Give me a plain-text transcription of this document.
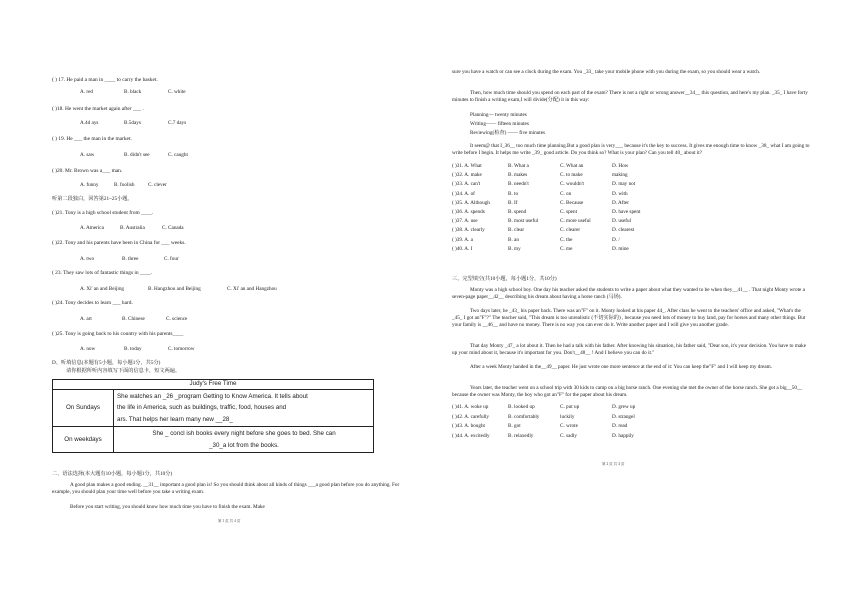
( ) 17. He paid a man in ____ to carry the basket.
A. red	B. black	C. white
( )18. He went the market again after ___ .
A.4d ays	B.5days	C.7 days
( ) 19. He ___ the man in the market.
A. saw	B. didn't see	C. caught
( )20. Mr. Brown was a___ man.
A. funny	B. foolish	C. clever
听第二段独白，回答第21~25小题。
( )21. Tony is a high school student from ____.
A. America	B. Australia	C. Canada
( )22. Tony and his parents have been in China for ___ weeks.
A. two	B. three	C. four
( 23. They saw lots of fantastic things in ____.
A. Xi' an and Beijing	B. Hangzhou and Beijing	C. Xi' an and Hangzhou
( )24. Tony decides to learn ___ hard.
A. art	B. Chinese	C. science
( )25. Tony is going back to his country with his parents____
A. now	B. today	C. tomorrow
D、听填信息(本题有5小题，每小题1分，共5分)
请你根据所听内容填写下面的信息卡，短文两遍。
Judy's Free Time	
On Sundays	She watches an _26 _program Getting to Know America. It tells about
the life in America, such as buildings, traffic, food, houses and
ars. That helps her learn many new __28_

On weekdays	She _ concl ish books every night before she goes to bed. She can
_30_a lot from the books.
二、语法选择(本大题有10小题，每小题1分，共10分)
A good plan makes a good ending. __31__ important a good plan is! So you should think about all kinds of things ___a good plan before you do anything. For example, you should plan your time well before you take a writing exam.
Before you start writing, you should know how much time you have to finish the exam. Make
第 1 页 共 4 页
sure you have a watch or can see a clock during the exam. You _33_ take your mobile phone with you during the exam, so you should wear a watch.
Then, how much time should you spend on each part of the exam? There is not a right or wrong answer__34__ this question, and here's my plan. _35_ I have forty minutes to finish a writing exam,I will divide(分配) it in this way:
Planning— twenty minutes
Writing—— fifteen minutes
Reviewing(检查) —— five minutes
It seem@ that I_36__ too much time planning.But a good plan is very___ because it's the key to success. It gives me enough time to know _38_ what I am going to write before I begin. It helps me write _39_ good article. Do you think so? What is your plan? Can you tell 40_ about it?
( )31. A. What	B. What a	C. What an	D. How
( )32. A. make	B. makes	C. to make	making
( )33. A. can't	B. needn't	C. wouldn't	D. may not
( )34. A. of	B. to	C. on	D. with
( )35. A. Although	B. If	C. Because	D. After
( )36. A. spends	B. spend	C. spent	D. have spent
( )37. A. use	B. most useful	C. more useful	D. useful
( )38. A. clearly	B. clear	C. clearer	D. clearest
( )39. A. a	B. an	C. the	D. /
( )40. A. I	B. my	C. me	D. mine
三、完型填空(共10小题，每小题1分，共10分)
Monty was a high school boy. One day his teacher asked the students to write a paper about what they wanted to be when they__41__ . That night Monty wrote a seven-page paper__42__ describing his dream about having a horse ranch (马场).
Two days later, he _43_ his paper back. There was an"F" on it. Monty looked at his paper 44_. After class he went to the teachers' office and asked, "What's the _45_ I got an"F"?" The teacher said, "This dream is too unrealistic (不切实际的) , because you need lots of money to buy land, pay for horses and many other things. But your family is __46__ and have no money. There is no way you can ever do it. Write another paper and I will give you another grade.
That day Monty _47_ a lot about it. Then he had a talk with his father. After knowing his situation, his father said, "Dear son, it's your decision. You have to make up your mind about it, because it's important for you. Don't__48__ ! And I believe you can do it."
After a week Monty handed in the__49__ paper. He just wrote one more sentence at the end of it: You can keep the"F" and I will keep my dream.
Years later, the teacher went on a school trip with 30 kids to camp on a big horse ranch. One evening she met the owner of the horse ranch. She got a big__50__ because the owner was Monty, the boy who got an"F" for the paper about his dream.
( )41. A. woke up	B. looked up	C. put up	D. grew up
( )42. A. carefully	B. comfortably	luckily	D. strangel
( )43. A. bought	B. got	C. wrote	D. read
( )44. A. excitedly	B. relaxedly	C. sadly	D. happily
第 2 页 共 4 页
